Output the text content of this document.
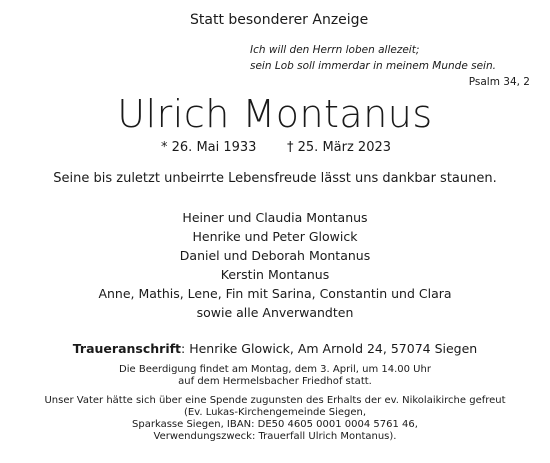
Statt besonderer Anzeige
Ich will den Herrn loben allezeit;
sein Lob soll immerdar in meinem Munde sein.
Psalm 34, 2
Ulrich Montanus
* 26. Mai 1933 † 25. März 2023
Seine bis zuletzt unbeirrte Lebensfreude lässt uns dankbar staunen.
Heiner und Claudia Montanus
Henrike und Peter Glowick
Daniel und Deborah Montanus
Kerstin Montanus
Anne, Mathis, Lene, Fin mit Sarina, Constantin und Clara
sowie alle Anverwandten
Traueranschrift: Henrike Glowick, Am Arnold 24, 57074 Siegen
Die Beerdigung findet am Montag, dem 3. April, um 14.00 Uhr
auf dem Hermelsbacher Friedhof statt.
Unser Vater hätte sich über eine Spende zugunsten des Erhalts der ev. Nikolaikirche gefreut
(Ev. Lukas-Kirchengemeinde Siegen,
Sparkasse Siegen, IBAN: DE50 4605 0001 0004 5761 46,
Verwendungszweck: Trauerfall Ulrich Montanus).
